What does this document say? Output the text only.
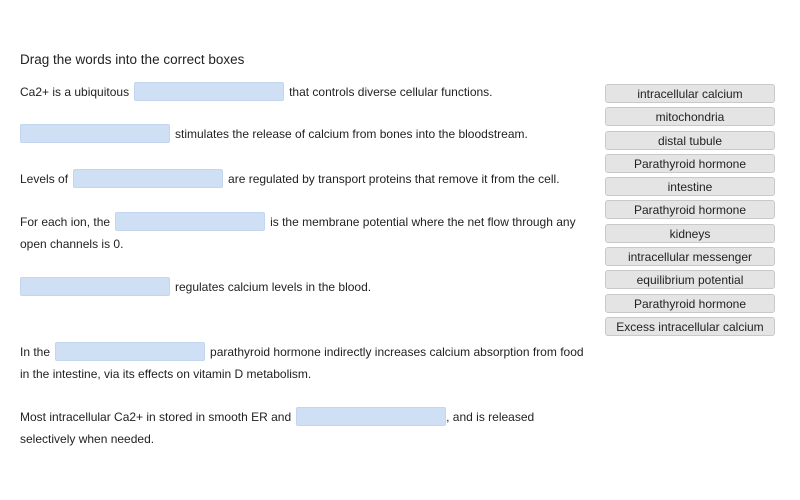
Drag the words into the correct boxes
Ca2+ is a ubiquitous	that controls diverse cellular functions.
stimulates the release of calcium from bones into the bloodstream.
Levels of	are regulated by transport proteins that remove it from the cell.
For each ion, the	is the membrane potential where the net flow through any
open channels is 0.
regulates calcium levels in the blood.
In the	parathyroid hormone indirectly increases calcium absorption from food
in the intestine, via its effects on vitamin D metabolism.
Most intracellular Ca2+ in stored in smooth ER and	, and is released
selectively when needed.
intracellular calcium
mitochondria
distal tubule
Parathyroid hormone
intestine
Parathyroid hormone
kidneys
intracellular messenger
equilibrium potential
Parathyroid hormone
Excess intracellular calcium
